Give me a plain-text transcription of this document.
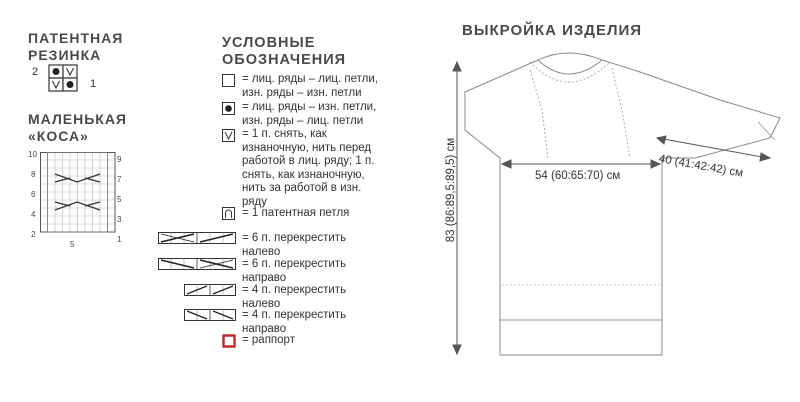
ПАТЕНТНАЯ
РЕЗИНКА
2
1
МАЛЕНЬКАЯ
«КОСА»
10
8
6
4
2
9
7
5
3
1
5
УСЛОВНЫЕ
ОБОЗНАЧЕНИЯ
= лиц. ряды – лиц. петли,
изн. ряды – изн. петли
= лиц. ряды – изн. петли,
изн. ряды – лиц. петли
= 1 п. снять, как
изнаночную, нить перед
работой в лиц. ряду; 1 п.
снять, как изнаночную,
нить за работой в изн.
ряду
= 1 патентная петля
= 6 п. перекрестить
налево
= 6 п. перекрестить
направо
= 4 п. перекрестить
налево
= 4 п. перекрестить
направо
= раппорт
ВЫКРОЙКА ИЗДЕЛИЯ
54 (60:65:70) см	40 (41:42:42) см
83 (86:89,5:89,5) см
